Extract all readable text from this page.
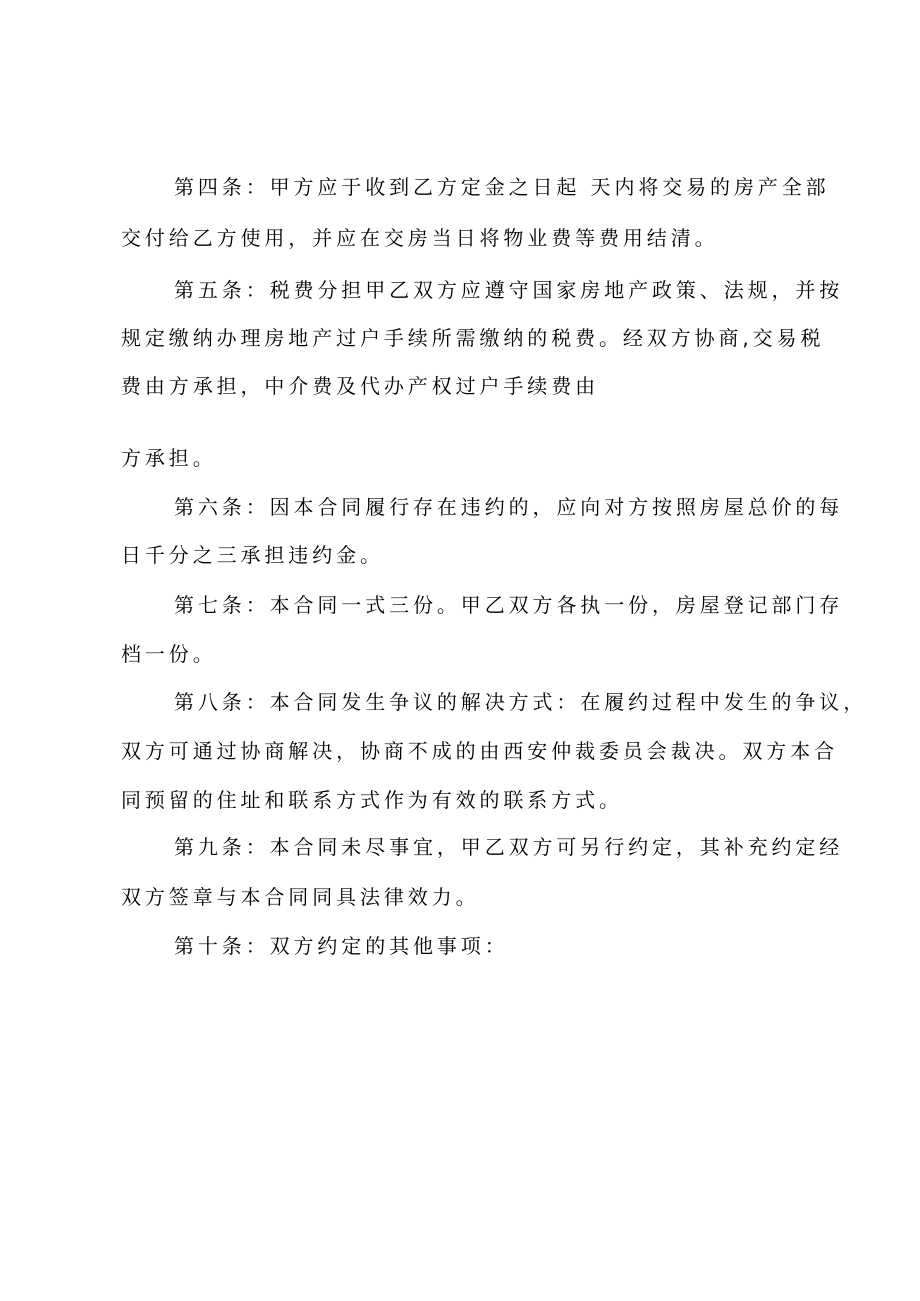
第四条：甲方应于收到乙方定金之日起 天内将交易的房产全部
交付给乙方使用，并应在交房当日将物业费等费用结清。
第五条：税费分担甲乙双方应遵守国家房地产政策、法规，并按
规定缴纳办理房地产过户手续所需缴纳的税费。经双方协商,交易税
费由方承担，中介费及代办产权过户手续费由
方承担。
第六条：因本合同履行存在违约的，应向对方按照房屋总价的每
日千分之三承担违约金。
第七条：本合同一式三份。甲乙双方各执一份，房屋登记部门存
档一份。
第八条：本合同发生争议的解决方式：在履约过程中发生的争议，
双方可通过协商解决，协商不成的由西安仲裁委员会裁决。双方本合
同预留的住址和联系方式作为有效的联系方式。
第九条：本合同未尽事宜，甲乙双方可另行约定，其补充约定经
双方签章与本合同同具法律效力。
第十条：双方约定的其他事项：
